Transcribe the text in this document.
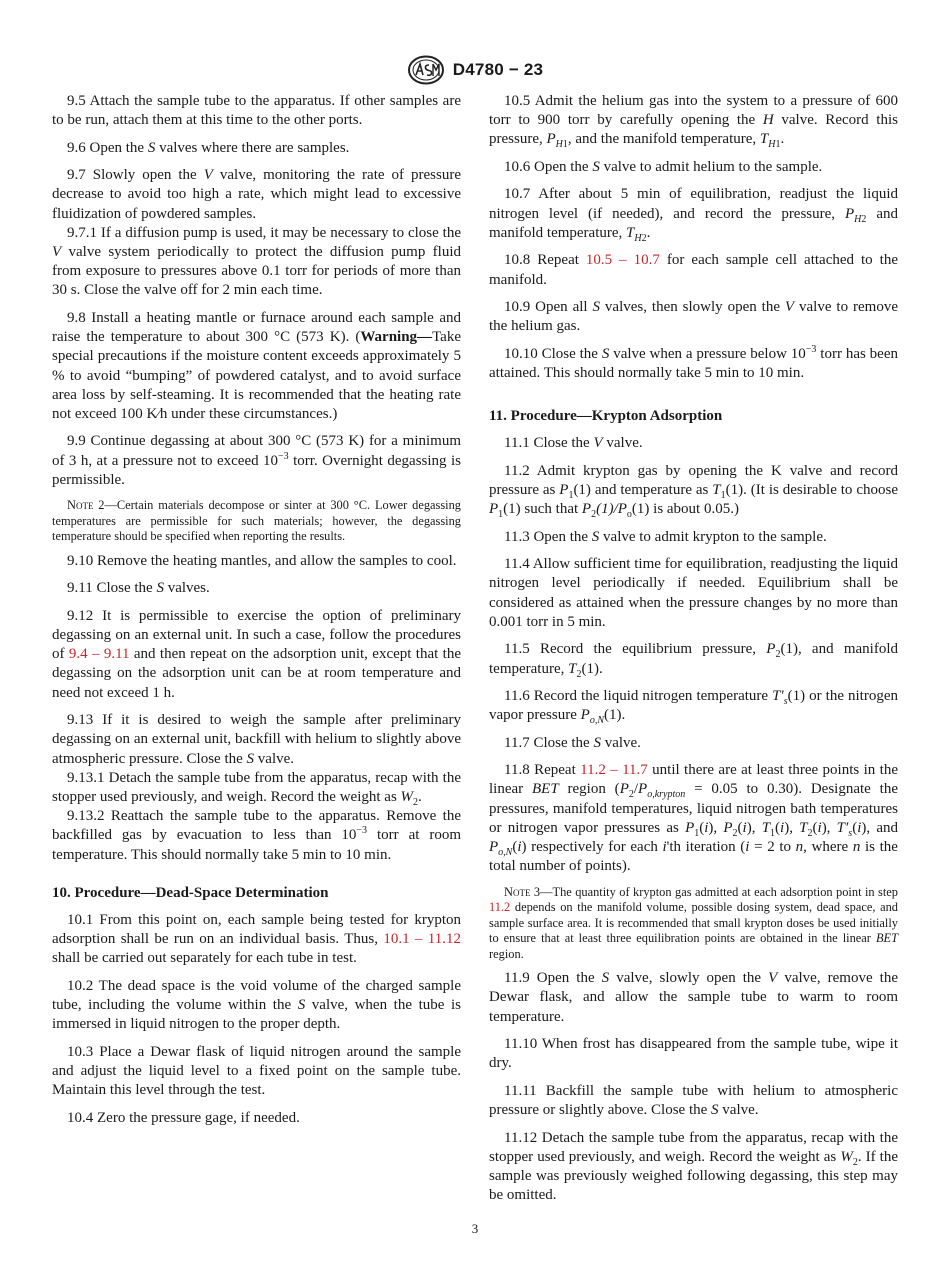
D4780 − 23

9.5 Attach the sample tube to the apparatus. If other samples are to be run, attach them at this time to the other ports.

9.6 Open the S valves where there are samples.

9.7 Slowly open the V valve, monitoring the rate of pressure decrease to avoid too high a rate, which might lead to excessive fluidization of powdered samples.

9.7.1 If a diffusion pump is used, it may be necessary to close the V valve system periodically to protect the diffusion pump fluid from exposure to pressures above 0.1 torr for periods of more than 30 s. Close the valve off for 2 min each time.

9.8 Install a heating mantle or furnace around each sample and raise the temperature to about 300 °C (573 K). (Warning—Take special precautions if the moisture content exceeds approximately 5 % to avoid “bumping” of powdered catalyst, and to avoid surface area loss by self-steaming. It is recommended that the heating rate not exceed 100 K⁄h under these circumstances.)

9.9 Continue degassing at about 300 °C (573 K) for a minimum of 3 h, at a pressure not to exceed $10^{-3}$ torr. Overnight degassing is permissible.

Note 2—Certain materials decompose or sinter at 300 °C. Lower degassing temperatures are permissible for such materials; however, the degassing temperature should be specified when reporting the results.

9.10 Remove the heating mantles, and allow the samples to cool.

9.11 Close the S valves.

9.12 It is permissible to exercise the option of preliminary degassing on an external unit. In such a case, follow the procedures of 9.4 – 9.11 and then repeat on the adsorption unit, except that the degassing on the adsorption unit can be at room temperature and need not exceed 1 h.

9.13 If it is desired to weigh the sample after preliminary degassing on an external unit, backfill with helium to slightly above atmospheric pressure. Close the S valve.

9.13.1 Detach the sample tube from the apparatus, recap with the stopper used previously, and weigh. Record the weight as $W_2$.

9.13.2 Reattach the sample tube to the apparatus. Remove the backfilled gas by evacuation to less than $10^{-3}$ torr at room temperature. This should normally take 5 min to 10 min.

10. Procedure—Dead-Space Determination

10.1 From this point on, each sample being tested for krypton adsorption shall be run on an individual basis. Thus, 10.1 – 11.12 shall be carried out separately for each tube in test.

10.2 The dead space is the void volume of the charged sample tube, including the volume within the S valve, when the tube is immersed in liquid nitrogen to the proper depth.

10.3 Place a Dewar flask of liquid nitrogen around the sample and adjust the liquid level to a fixed point on the sample tube. Maintain this level through the test.

10.4 Zero the pressure gage, if needed.

10.5 Admit the helium gas into the system to a pressure of 600 torr to 900 torr by carefully opening the H valve. Record this pressure, $P_{H1}$, and the manifold temperature, $T_{H1}$.

10.6 Open the S valve to admit helium to the sample.

10.7 After about 5 min of equilibration, readjust the liquid nitrogen level (if needed), and record the pressure, $P_{H2}$ and manifold temperature, $T_{H2}$.

10.8 Repeat 10.5 – 10.7 for each sample cell attached to the manifold.

10.9 Open all S valves, then slowly open the V valve to remove the helium gas.

10.10 Close the S valve when a pressure below $10^{-3}$ torr has been attained. This should normally take 5 min to 10 min.

11. Procedure—Krypton Adsorption

11.1 Close the V valve.

11.2 Admit krypton gas by opening the K valve and record pressure as $P_1(1)$ and temperature as $T_1(1)$. (It is desirable to choose $P_1(1)$ such that $P_2(1)/P_o(1)$ is about 0.05.)

11.3 Open the S valve to admit krypton to the sample.

11.4 Allow sufficient time for equilibration, readjusting the liquid nitrogen level periodically if needed. Equilibrium shall be considered as attained when the pressure changes by no more than 0.001 torr in 5 min.

11.5 Record the equilibrium pressure, $P_2(1)$, and manifold temperature, $T_2(1)$.

11.6 Record the liquid nitrogen temperature $T'_s(1)$ or the nitrogen vapor pressure $P_{o,N}(1)$.

11.7 Close the S valve.

11.8 Repeat 11.2 – 11.7 until there are at least three points in the linear BET region ($P_2/P_{o,krypton} = 0.05$ to 0.30). Designate the pressures, manifold temperatures, liquid nitrogen bath temperatures or nitrogen vapor pressures as $P_1(i)$, $P_2(i)$, $T_1(i)$, $T_2(i)$, $T'_s(i)$, and $P_{o,N}(i)$ respectively for each i'th iteration (i = 2 to n, where n is the total number of points).

Note 3—The quantity of krypton gas admitted at each adsorption point in step 11.2 depends on the manifold volume, possible dosing system, dead space, and sample surface area. It is recommended that small krypton doses be used initially to ensure that at least three equilibration points are obtained in the linear BET region.

11.9 Open the S valve, slowly open the V valve, remove the Dewar flask, and allow the sample tube to warm to room temperature.

11.10 When frost has disappeared from the sample tube, wipe it dry.

11.11 Backfill the sample tube with helium to atmospheric pressure or slightly above. Close the S valve.

11.12 Detach the sample tube from the apparatus, recap with the stopper used previously, and weigh. Record the weight as $W_2$. If the sample was previously weighed following degassing, this step may be omitted.

3
